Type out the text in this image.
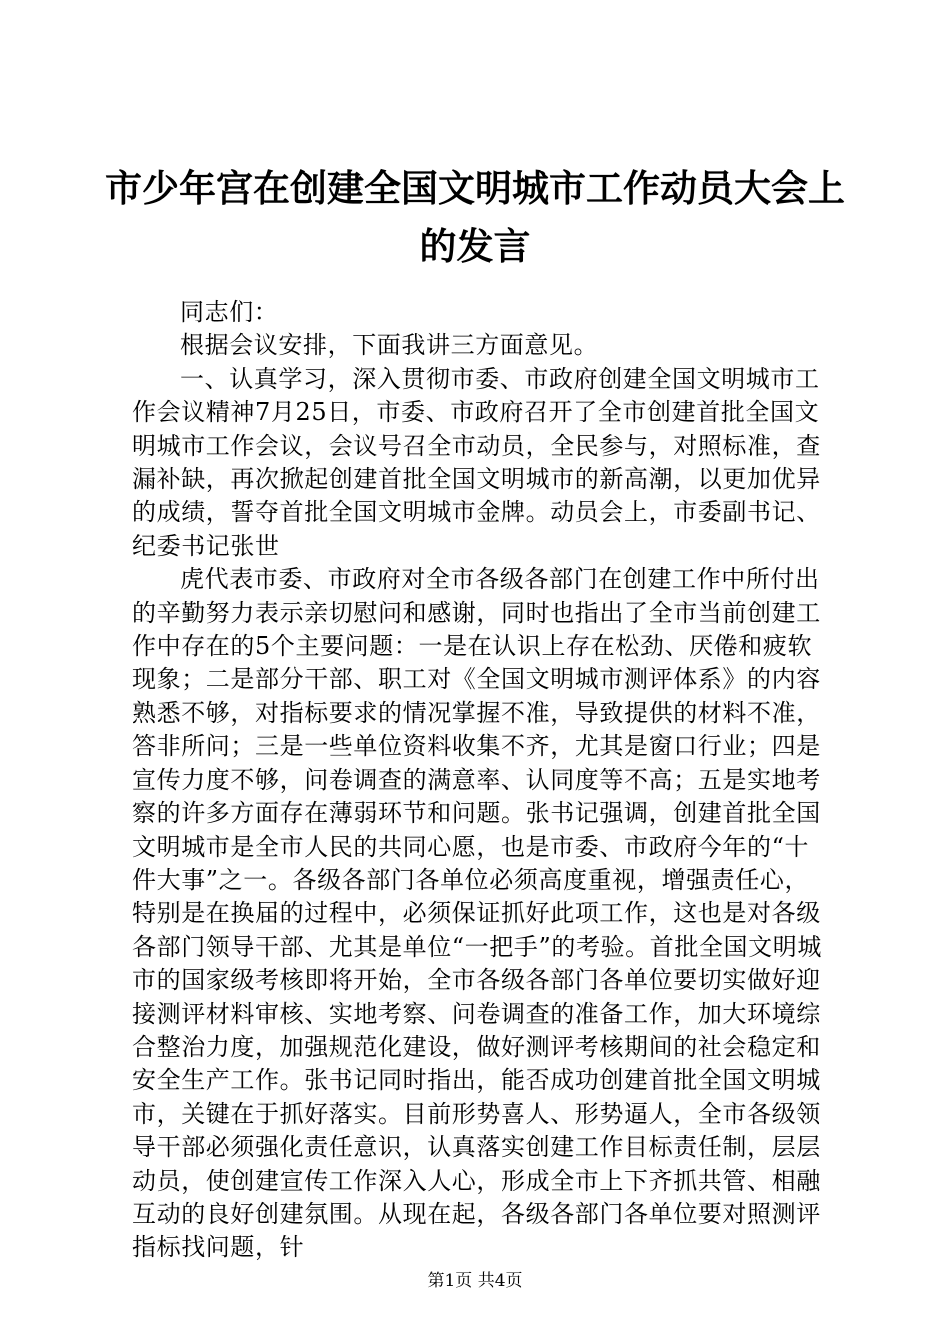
市少年宫在创建全国文明城市工作动员大会上的发言

同志们：

根据会议安排，下面我讲三方面意见。

一、认真学习，深入贯彻市委、市政府创建全国文明城市工作会议精神7月25日，市委、市政府召开了全市创建首批全国文明城市工作会议，会议号召全市动员，全民参与，对照标准，查漏补缺，再次掀起创建首批全国文明城市的新高潮，以更加优异的成绩，誓夺首批全国文明城市金牌。动员会上，市委副书记、纪委书记张世

虎代表市委、市政府对全市各级各部门在创建工作中所付出的辛勤努力表示亲切慰问和感谢，同时也指出了全市当前创建工作中存在的5个主要问题：一是在认识上存在松劲、厌倦和疲软现象；二是部分干部、职工对《全国文明城市测评体系》的内容熟悉不够，对指标要求的情况掌握不准，导致提供的材料不准，答非所问；三是一些单位资料收集不齐，尤其是窗口行业；四是宣传力度不够，问卷调查的满意率、认同度等不高；五是实地考察的许多方面存在薄弱环节和问题。张书记强调，创建首批全国文明城市是全市人民的共同心愿，也是市委、市政府今年的“十件大事”之一。各级各部门各单位必须高度重视，增强责任心，特别是在换届的过程中，必须保证抓好此项工作，这也是对各级各部门领导干部、尤其是单位“一把手”的考验。首批全国文明城市的国家级考核即将开始，全市各级各部门各单位要切实做好迎接测评材料审核、实地考察、问卷调查的准备工作，加大环境综合整治力度，加强规范化建设，做好测评考核期间的社会稳定和安全生产工作。张书记同时指出，能否成功创建首批全国文明城市，关键在于抓好落实。目前形势喜人、形势逼人，全市各级领导干部必须强化责任意识，认真落实创建工作目标责任制，层层动员，使创建宣传工作深入人心，形成全市上下齐抓共管、相融互动的良好创建氛围。从现在起，各级各部门各单位要对照测评指标找问题，针

第1页 共4页
